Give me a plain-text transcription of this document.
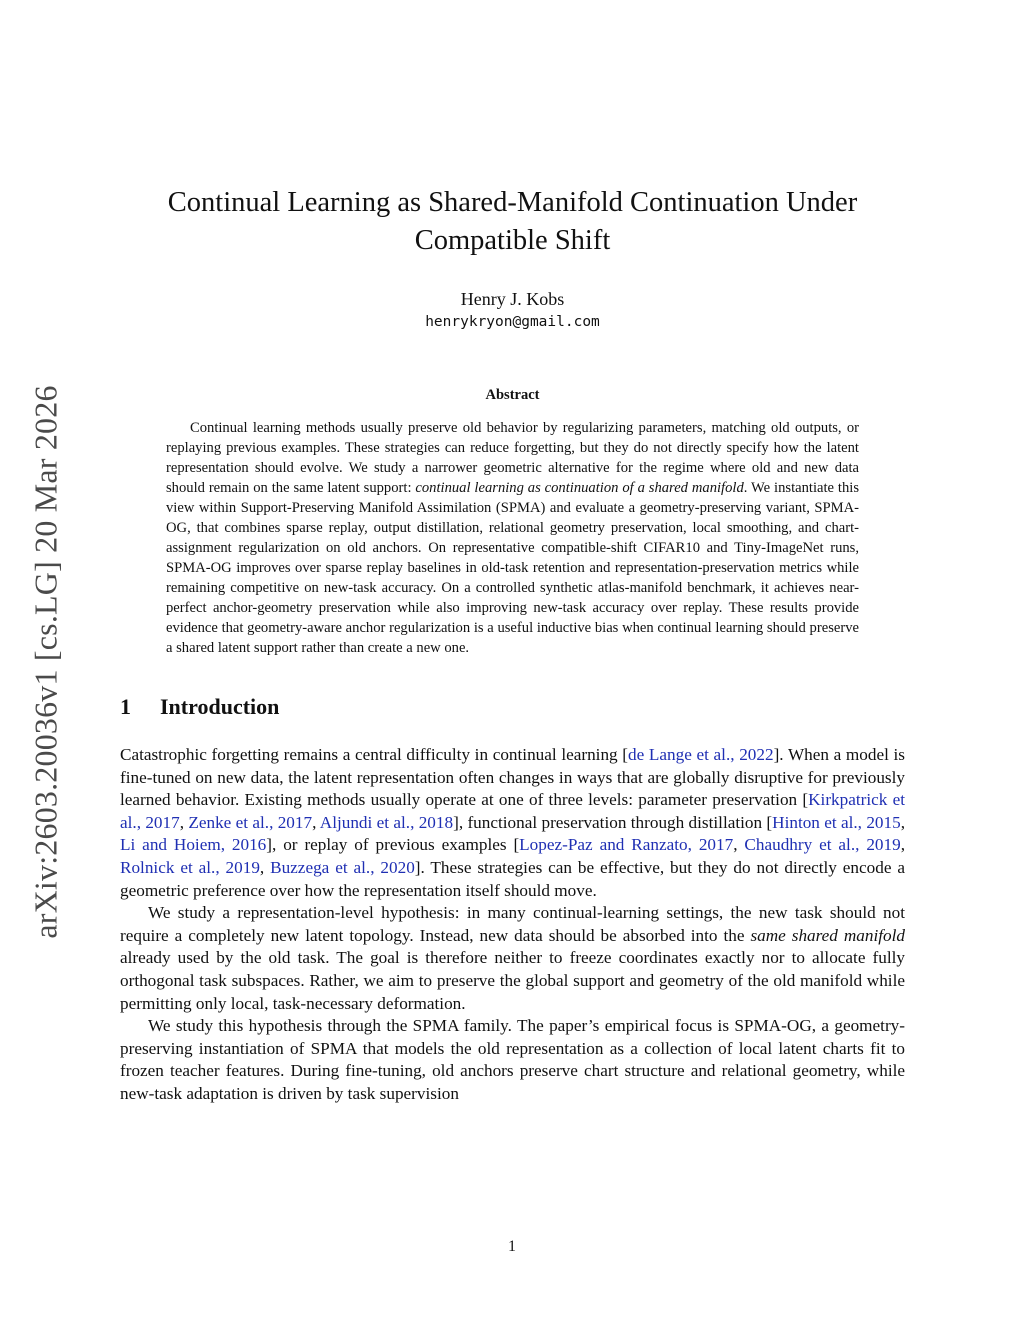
arXiv:2603.20036v1 [cs.LG] 20 Mar 2026
Continual Learning as Shared-Manifold Continuation Under
Compatible Shift
Henry J. Kobs
henrykryon@gmail.com
Abstract

Continual learning methods usually preserve old behavior by regularizing parameters, matching old outputs, or replaying previous examples. These strategies can reduce forgetting, but they do not directly specify how the latent representation should evolve. We study a narrower geometric alternative for the regime where old and new data should remain on the same latent support: continual learning as continuation of a shared manifold. We instantiate this view within Support-Preserving Manifold Assimilation (SPMA) and evaluate a geometry-preserving variant, SPMA-OG, that combines sparse replay, output distillation, relational geometry preservation, local smoothing, and chart-assignment regularization on old anchors. On representative compatible-shift CIFAR10 and Tiny-ImageNet runs, SPMA-OG improves over sparse replay baselines in old-task retention and representation-preservation metrics while remaining competitive on new-task accuracy. On a controlled synthetic atlas-manifold benchmark, it achieves near-perfect anchor-geometry preservation while also improving new-task accuracy over replay. These results provide evidence that geometry-aware anchor regularization is a useful inductive bias when continual learning should preserve a shared latent support rather than create a new one.

1 Introduction

Catastrophic forgetting remains a central difficulty in continual learning [de Lange et al., 2022]. When a model is fine-tuned on new data, the latent representation often changes in ways that are globally disruptive for previously learned behavior. Existing methods usually operate at one of three levels: parameter preservation [Kirkpatrick et al., 2017, Zenke et al., 2017, Aljundi et al., 2018], functional preservation through distillation [Hinton et al., 2015, Li and Hoiem, 2016], or replay of previous examples [Lopez-Paz and Ranzato, 2017, Chaudhry et al., 2019, Rolnick et al., 2019, Buzzega et al., 2020]. These strategies can be effective, but they do not directly encode a geometric preference over how the representation itself should move.

We study a representation-level hypothesis: in many continual-learning settings, the new task should not require a completely new latent topology. Instead, new data should be absorbed into the same shared manifold already used by the old task. The goal is therefore neither to freeze coordinates exactly nor to allocate fully orthogonal task subspaces. Rather, we aim to preserve the global support and geometry of the old manifold while permitting only local, task-necessary deformation.

We study this hypothesis through the SPMA family. The paper’s empirical focus is SPMA-OG, a geometry-preserving instantiation of SPMA that models the old representation as a collection of local latent charts fit to frozen teacher features. During fine-tuning, old anchors preserve chart structure and relational geometry, while new-task adaptation is driven by task supervision

1
